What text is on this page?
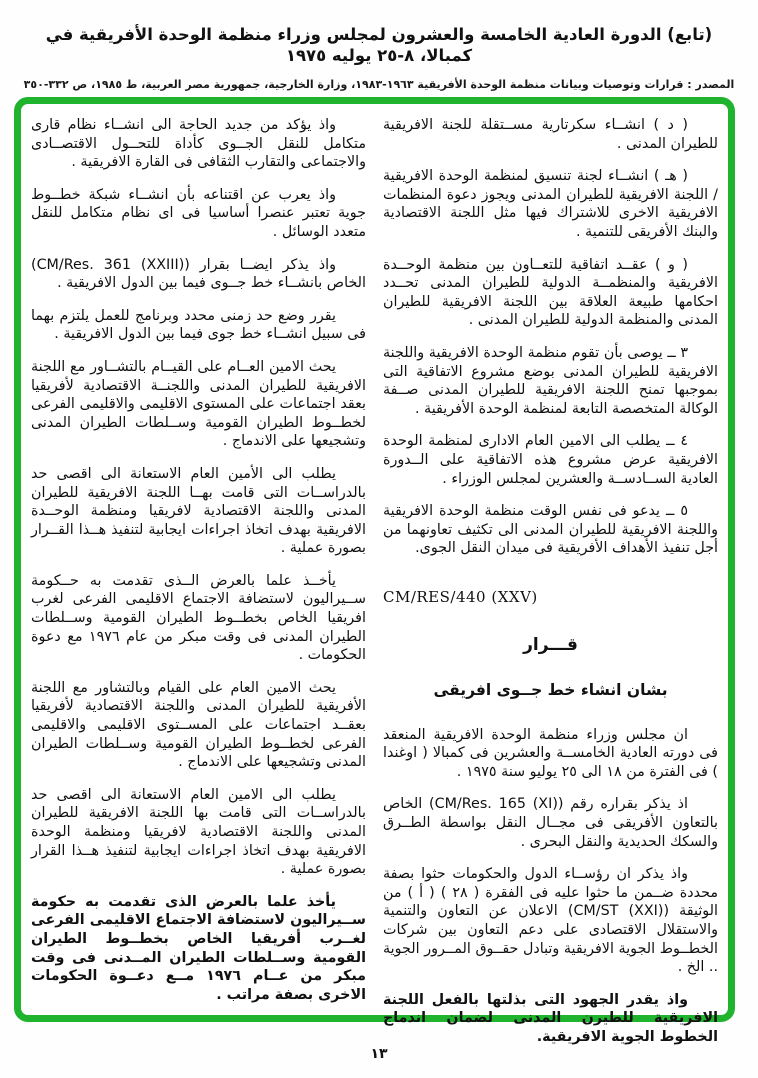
(تابع) الدورة العادية الخامسة والعشرون لمجلس وزراء منظمة الوحدة الأفريقية في كمبالا، ٨-٢٥ يوليه ١٩٧٥
المصدر : قرارات وتوصيات وبيانات منظمة الوحدة الأفريقية ١٩٦٣-١٩٨٣، وزارة الخارجية، جمهورية مصر العربية، ط ١٩٨٥، ص ٣٣٢-٣٥٠

( د ) انشــاء سكرتارية مســتقلة للجنة الافريقية للطيران المدنى .

( هـ ) انشــاء لجنة تنسيق لمنظمة الوحدة الافريقية / اللجنة الافريقية للطيران المدنى ويجوز دعوة المنظمات الافريقية الاخرى للاشتراك فيها مثل اللجنة الاقتصادية والبنك الأفريقى للتنمية .

( و ) عقــد اتفاقية للتعــاون بين منظمة الوحــدة الافريقية والمنظمــة الدولية للطيران المدنى تحــدد احكامها طبيعة العلاقة بين اللجنة الافريقية للطيران المدنى والمنظمة الدولية للطيران المدنى .

٣ ــ يوصى بأن تقوم منظمة الوحدة الافريقية واللجنة الافريقية للطيران المدنى بوضع مشروع الاتفاقية التى بموجبها تمنح اللجنة الافريقية للطيران المدنى صــفة الوكالة المتخصصة التابعة لمنظمة الوحدة الأفريقية .

٤ ــ يطلب الى الامين العام الادارى لمنظمة الوحدة الافريقية عرض مشروع هذه الاتفاقية على الــدورة العادية الســادســة والعشرين لمجلس الوزراء .

٥ ــ يدعو فى نفس الوقت منظمة الوحدة الافريقية واللجنة الافريقية للطيران المدنى الى تكثيف تعاونهما من أجل تنفيذ الأهداف الأفريقية فى ميدان النقل الجوى.

CM/RES/440 (XXV)

قـــرار
بشان انشاء خط جــوى افريقى

ان مجلس وزراء منظمة الوحدة الافريقية المنعقد فى دورته العادية الخامســة والعشرين فى كمبالا ( اوغندا ) فى الفترة من ١٨ الى ٢٥ يوليو سنة ١٩٧٥ .

اذ يذكر بقراره رقم (CM/Res. 165 (XI)) الخاص بالتعاون الأفريقى فى مجــال النقل بواسطة الطــرق والسكك الحديدية والنقل البحرى .

واذ يذكر ان رؤســاء الدول والحكومات حثوا بصفة محددة ضــمن ما حثوا عليه فى الفقرة ( ٢٨ ) ( أ ) من الوثيقة (CM/ST (XXI)) الاعلان عن التعاون والتنمية والاستقلال الاقتصادى على دعم التعاون بين شركات الخطــوط الجوية الافريقية وتبادل حقــوق المــرور الجوية .. الخ .

واذ يقدر الجهود التى بذلتها بالفعل اللجنة الافريقية للطيرن المدنى لضمان اندماج الخطوط الجوية الافريقية.

واذ يؤكد من جديد الحاجة الى انشــاء نظام قارى متكامل للنقل الجــوى كأداة للتحــول الاقتصــادى والاجتماعى والتقارب الثقافى فى القارة الافريقية .

واذ يعرب عن اقتناعه بأن انشــاء شبكة خطــوط جوية تعتبر عنصرا أساسيا فى اى نظام متكامل للنقل متعدد الوسائل .

واذ يذكر ايضــا بقرار (CM/Res. 361 (XXIII)) الخاص بانشــاء خط جــوى فيما بين الدول الافريقية .

يقرر وضع حد زمنى محدد وبرنامج للعمل يلتزم بهما فى سبيل انشــاء خط جوى فيما بين الدول الافريقية .

يحث الامين العــام على القيــام بالتشــاور مع اللجنة الافريقية للطيران المدنى واللجنــة الاقتصادية لأفريقيا بعقد اجتماعات على المستوى الاقليمى والاقليمى الفرعى لخطــوط الطيران القومية وســلطات الطيران المدنى وتشجيعها على الاندماج .

يطلب الى الأمين العام الاستعانة الى اقصى حد بالدراســات التى قامت بهــا اللجنة الافريقية للطيران المدنى واللجنة الاقتصادية لافريقيا ومنظمة الوحــدة الافريقية بهدف اتخاذ اجراءات ايجابية لتنفيذ هــذا القــرار بصورة عملية .

يأخــذ علما بالعرض الــذى تقدمت به حــكومة ســيراليون لاستضافة الاجتماع الاقليمى الفرعى لغرب افريقيا الخاص بخطــوط الطيران القومية وســلطات الطيران المدنى فى وقت مبكر من عام ١٩٧٦ مع دعوة الحكومات .

يحث الامين العام على القيام وبالتشاور مع اللجنة الأفريقية للطيران المدنى واللجنة الاقتصادية لأفريقيا بعقــد اجتماعات على المســتوى الاقليمى والاقليمى الفرعى لخطــوط الطيران القومية وســلطات الطيران المدنى وتشجيعها على الاندماج .

يطلب الى الامين العام الاستعانة الى اقصى حد بالدراســات التى قامت بها اللجنة الافريقية للطيران المدنى واللجنة الاقتصادية لافريقيا ومنظمة الوحدة الافريقية بهدف اتخاذ اجراءات ايجابية لتنفيذ هــذا القرار بصورة عملية .

يأخذ علما بالعرض الذى تقدمت به حكومة ســيراليون لاستضافة الاجتماع الاقليمى الفرعى لغــرب أفريقيا الخاص بخطــوط الطيران القومية وســلطات الطيران المــدنى فى وقت مبكر من عــام ١٩٧٦ مــع دعــوة الحكومات الاخرى بصفة مراتب .

١٣
